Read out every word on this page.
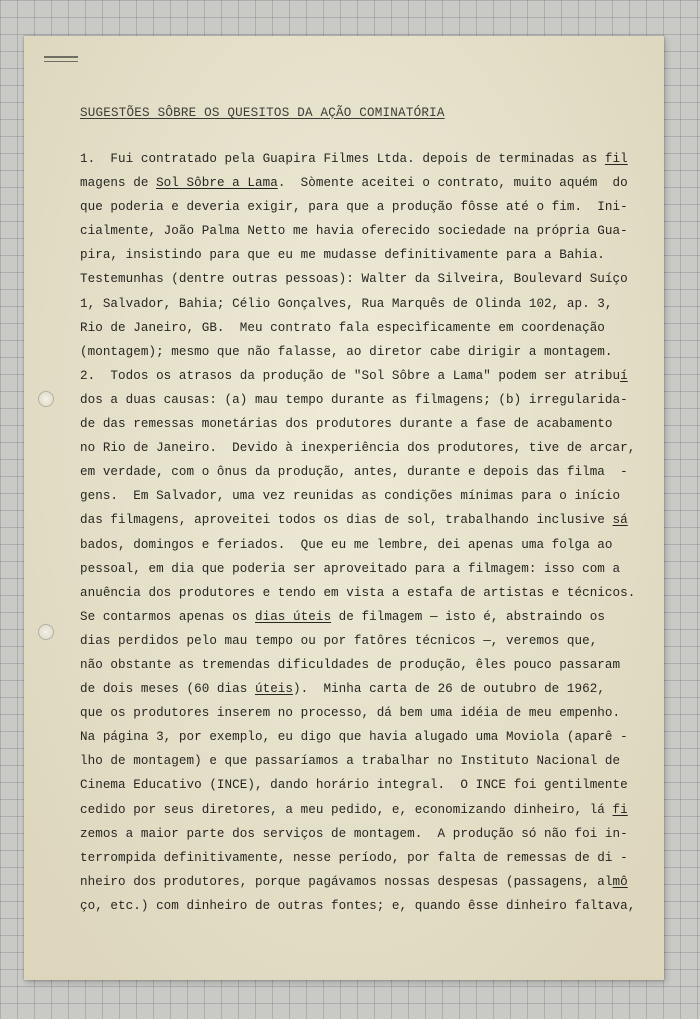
SUGESTÕES SÔBRE OS QUESITOS DA AÇÃO COMINATÓRIA
1.  Fui contratado pela Guapira Filmes Ltda. depois de terminadas as fil
magens de Sol Sôbre a Lama.  Sòmente aceitei o contrato, muito aquém  do
que poderia e deveria exigir, para que a produção fôsse até o fim.  Ini-
cialmente, João Palma Netto me havia oferecido sociedade na própria Gua-
pira, insistindo para que eu me mudasse definitivamente para a Bahia.
Testemunhas (dentre outras pessoas): Walter da Silveira, Boulevard Suíço
1, Salvador, Bahia; Célio Gonçalves, Rua Marquês de Olinda 102, ap. 3,
Rio de Janeiro, GB.  Meu contrato fala especìficamente em coordenação
(montagem); mesmo que não falasse, ao diretor cabe dirigir a montagem.
2.  Todos os atrasos da produção de "Sol Sôbre a Lama" podem ser atribuí
dos a duas causas: (a) mau tempo durante as filmagens; (b) irregularida-
de das remessas monetárias dos produtores durante a fase de acabamento
no Rio de Janeiro.  Devido à inexperiência dos produtores, tive de arcar,
em verdade, com o ônus da produção, antes, durante e depois das filma  -
gens.  Em Salvador, uma vez reunidas as condições mínimas para o início
das filmagens, aproveitei todos os dias de sol, trabalhando inclusive sá
bados, domingos e feriados.  Que eu me lembre, dei apenas uma folga ao
pessoal, em dia que poderia ser aproveitado para a filmagem: isso com a
anuência dos produtores e tendo em vista a estafa de artistas e técnicos.
Se contarmos apenas os dias úteis de filmagem — isto é, abstraindo os
dias perdidos pelo mau tempo ou por fatôres técnicos —, veremos que,
não obstante as tremendas dificuldades de produção, êles pouco passaram
de dois meses (60 dias úteis).  Minha carta de 26 de outubro de 1962,
que os produtores inserem no processo, dá bem uma idéia de meu empenho.
Na página 3, por exemplo, eu digo que havia alugado uma Moviola (aparê -
lho de montagem) e que passaríamos a trabalhar no Instituto Nacional de
Cinema Educativo (INCE), dando horário integral.  O INCE foi gentilmente
cedido por seus diretores, a meu pedido, e, economizando dinheiro, lá fi
zemos a maior parte dos serviços de montagem.  A produção só não foi in-
terrompida definitivamente, nesse período, por falta de remessas de di -
nheiro dos produtores, porque pagávamos nossas despesas (passagens, almô
ço, etc.) com dinheiro de outras fontes; e, quando êsse dinheiro faltava,
